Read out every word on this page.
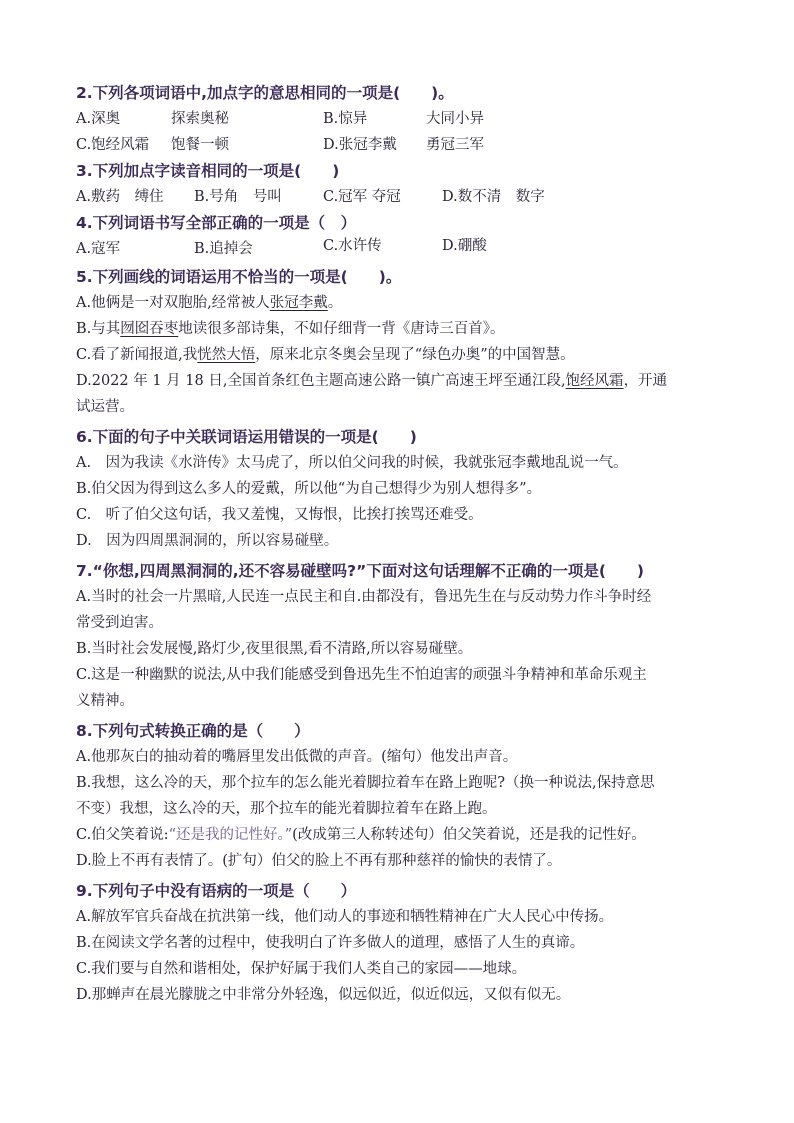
2.下列各项词语中,加点字的意思相同的一项是(　　)。
A.深奥	探索奥秘	B.惊异	大同小异
C.饱经风霜 饱餐一顿	D.张冠李戴 勇冠三军
3.下列加点字读音相同的一项是(　　)
A.敷药　缚住 B.号角　号叫	C.冠军 夺冠	D.数不清　数字
4.下列词语书写全部正确的一项是（　）
A.寇军	B.追掉会	C.水许传	D.硼酸
5.下列画线的词语运用不恰当的一项是(　　)。
A.他俩是一对双胞胎,经常被人张冠李戴。
B.与其囫囵吞枣地读很多部诗集，不如仔细背一背《唐诗三百首》。
C.看了新闻报道,我恍然大悟，原来北京冬奥会呈现了“绿色办奥”的中国智慧。
D.2022 年 1 月 18 日,全国首条红色主题高速公路一镇广高速王坪至通江段,饱经风霜，开通
试运营。
6.下面的句子中关联词语运用错误的一项是(　　)
A.　因为我读《水浒传》太马虎了，所以伯父问我的时候，我就张冠李戴地乱说一气。
B.伯父因为得到这么多人的爱戴，所以他“为自己想得少为别人想得多”。
C.　听了伯父这句话，我又羞愧，又悔恨，比挨打挨骂还难受。
D.　因为四周黑洞洞的，所以容易碰壁。
7.“你想,四周黑洞洞的,还不容易碰壁吗?”下面对这句话理解不正确的一项是(　　)
A.当时的社会一片黑暗,人民连一点民主和自.由都没有，鲁迅先生在与反动势力作斗争时经
常受到迫害。
B.当时社会发展慢,路灯少,夜里很黑,看不清路,所以容易碰壁。
C.这是一种幽默的说法,从中我们能感受到鲁迅先生不怕迫害的顽强斗争精神和革命乐观主
义精神。
8.下列句式转换正确的是（　　）
A.他那灰白的抽动着的嘴唇里发出低微的声音。(缩句）他发出声音。
B.我想，这么冷的天，那个拉车的怎么能光着脚拉着车在路上跑呢?（换一种说法,保持意思
不变）我想，这么冷的天，那个拉车的能光着脚拉着车在路上跑。
C.伯父笑着说:“还是我的记性好。”(改成第三人称转述句）伯父笑着说，还是我的记性好。
D.脸上不再有表情了。(扩句）伯父的脸上不再有那种慈祥的愉快的表情了。
9.下列句子中没有语病的一项是（　　）
A.解放军官兵奋战在抗洪第一线，他们动人的事迹和牺牲精神在广大人民心中传扬。
B.在阅读文学名著的过程中，使我明白了许多做人的道理，感悟了人生的真谛。
C.我们要与自然和谐相处，保护好属于我们人类自己的家园——地球。
D.那蝉声在晨光朦胧之中非常分外轻逸，似远似近，似近似远，又似有似无。
